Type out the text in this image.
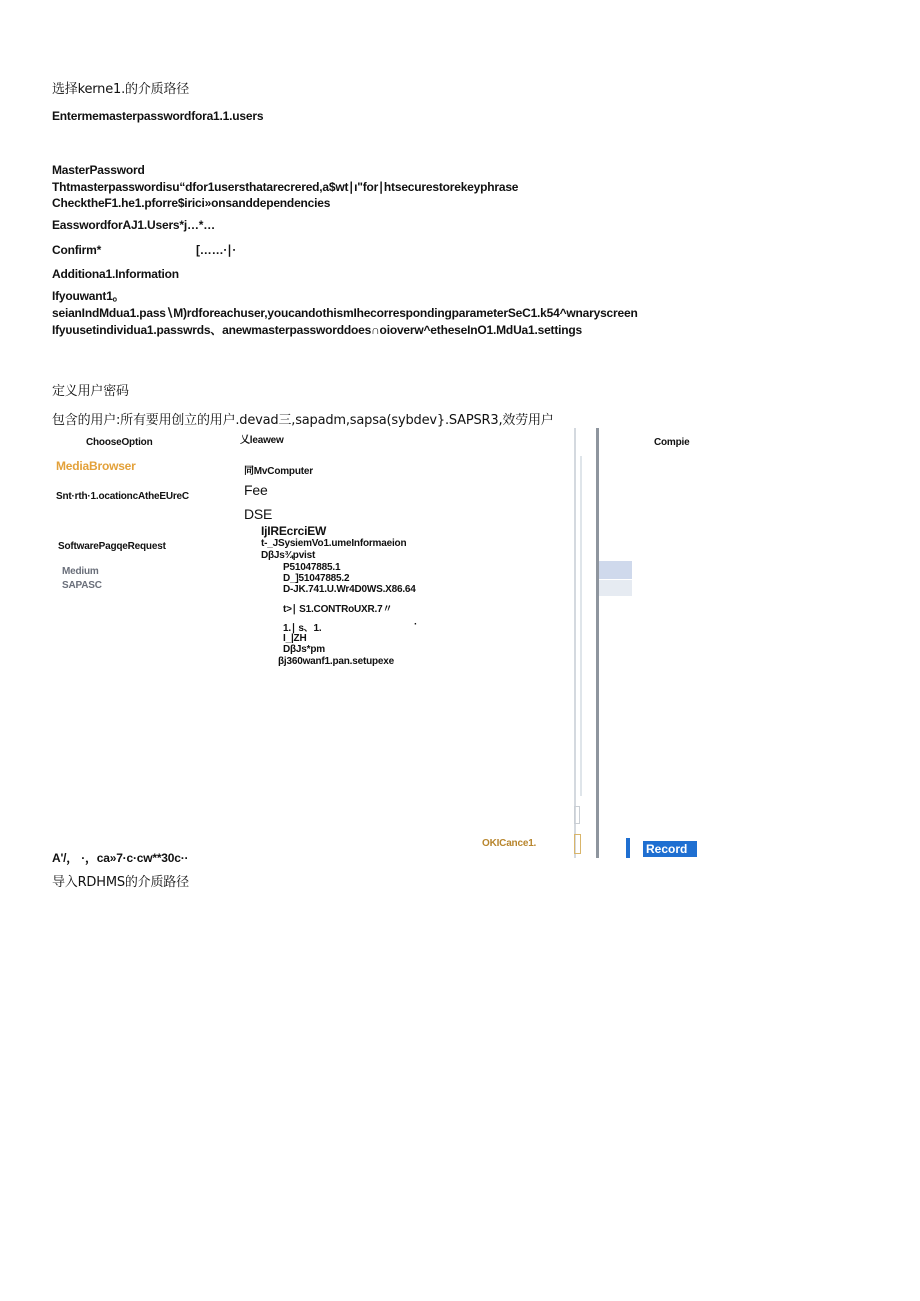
选择kerne1.的介质珞径
Entermemasterpasswordfora1.1.users
MasterPassword
Thtmasterpasswordisu“dfor1usersthatarecrered,a$wt∣ı"for∣htsecurestorekeyphrase
CheckthеF1.he1.pforre$irici»onsanddependencies
EasswordforAJ1.Users*j…*…
Confirm*	[……∙∣∙
Additiona1.Information
Ifyouwant1。
seianIndMdua1.pass∖M)rdforeachuser,youcandothismIhecorrespondingparameterSeC1.k54^wnaryscreen
Ifyυusetindividua1.passwrds、anewmasterpassworddoes∩oioverw^etheseInO1.MdUa1.settings
定义用户密码
包含的用户:所有要用创立的用户.devad三,sapadm,sapsa(sybdev}.SAPSR3,效劳用户
ChooseOption	乂leawew	Compie
MediaBrowser	同MvComputer
Fee
Snt·rth·1.ocationcAtheEUreC
DSE
IjIREcrciEW
SoftwarePagqeRequest	t-_JSysiemVo1.umeInformaeion
DβJs¾pvist
P51047885.1
D_]51047885.2
D-JK.741.U.Wr4D0WS.X86.64
t>∣ S1.CONTRoUXR.7〃
1.∣ s、1.	·
I_|ZH
DβJs*pm
βj360wanf1.pan.setupexe
Medium
SAPASC
OKICance1.	Record
A'/， ·，ca»7·c·cw**30c··
导入RDHMS的介质路径
